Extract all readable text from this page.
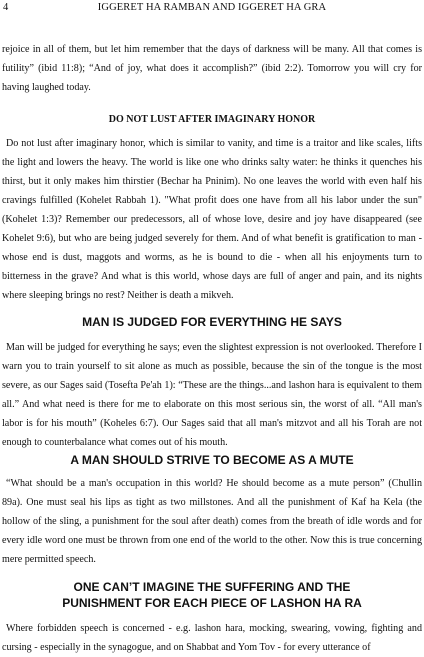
4	IGGERET HA RAMBAN AND IGGERET HA GRA

rejoice in all of them, but let him remember that the days of darkness will be many. All that comes is futility” (ibid 11:8); “And of joy, what does it accomplish?” (ibid 2:2). Tomorrow you will cry for having laughed today.

DO NOT LUST AFTER IMAGINARY HONOR

Do not lust after imaginary honor, which is similar to vanity, and time is a traitor and like scales, lifts the light and lowers the heavy. The world is like one who drinks salty water: he thinks it quenches his thirst, but it only makes him thirstier (Bechar ha Pninim). No one leaves the world with even half his cravings fulfilled (Kohelet Rabbah 1). "What profit does one have from all his labor under the sun" (Kohelet 1:3)? Remember our predecessors, all of whose love, desire and joy have disappeared (see Kohelet 9:6), but who are being judged severely for them. And of what benefit is gratification to man - whose end is dust, maggots and worms, as he is bound to die - when all his enjoyments turn to bitterness in the grave? And what is this world, whose days are full of anger and pain, and its nights where sleeping brings no rest? Neither is death a mikveh.

MAN IS JUDGED FOR EVERYTHING HE SAYS

Man will be judged for everything he says; even the slightest expression is not overlooked. Therefore I warn you to train yourself to sit alone as much as possible, because the sin of the tongue is the most severe, as our Sages said (Tosefta Pe'ah 1): “These are the things...and lashon hara is equivalent to them all.” And what need is there for me to elaborate on this most serious sin, the worst of all. “All man's labor is for his mouth” (Koheles 6:7). Our Sages said that all man's mitzvot and all his Torah are not enough to counterbalance what comes out of his mouth.

A MAN SHOULD STRIVE TO BECOME AS A MUTE

“What should be a man's occupation in this world? He should become as a mute person” (Chullin 89a). One must seal his lips as tight as two millstones. And all the punishment of Kaf ha Kela (the hollow of the sling, a punishment for the soul after death) comes from the breath of idle words and for every idle word one must be thrown from one end of the world to the other. Now this is true concerning mere permitted speech.

ONE CAN’T IMAGINE THE SUFFERING AND THE
PUNISHMENT FOR EACH PIECE OF LASHON HA RA

Where forbidden speech is concerned - e.g. lashon hara, mocking, swearing, vowing, fighting and cursing - especially in the synagogue, and on Shabbat and Yom Tov - for every utterance of
